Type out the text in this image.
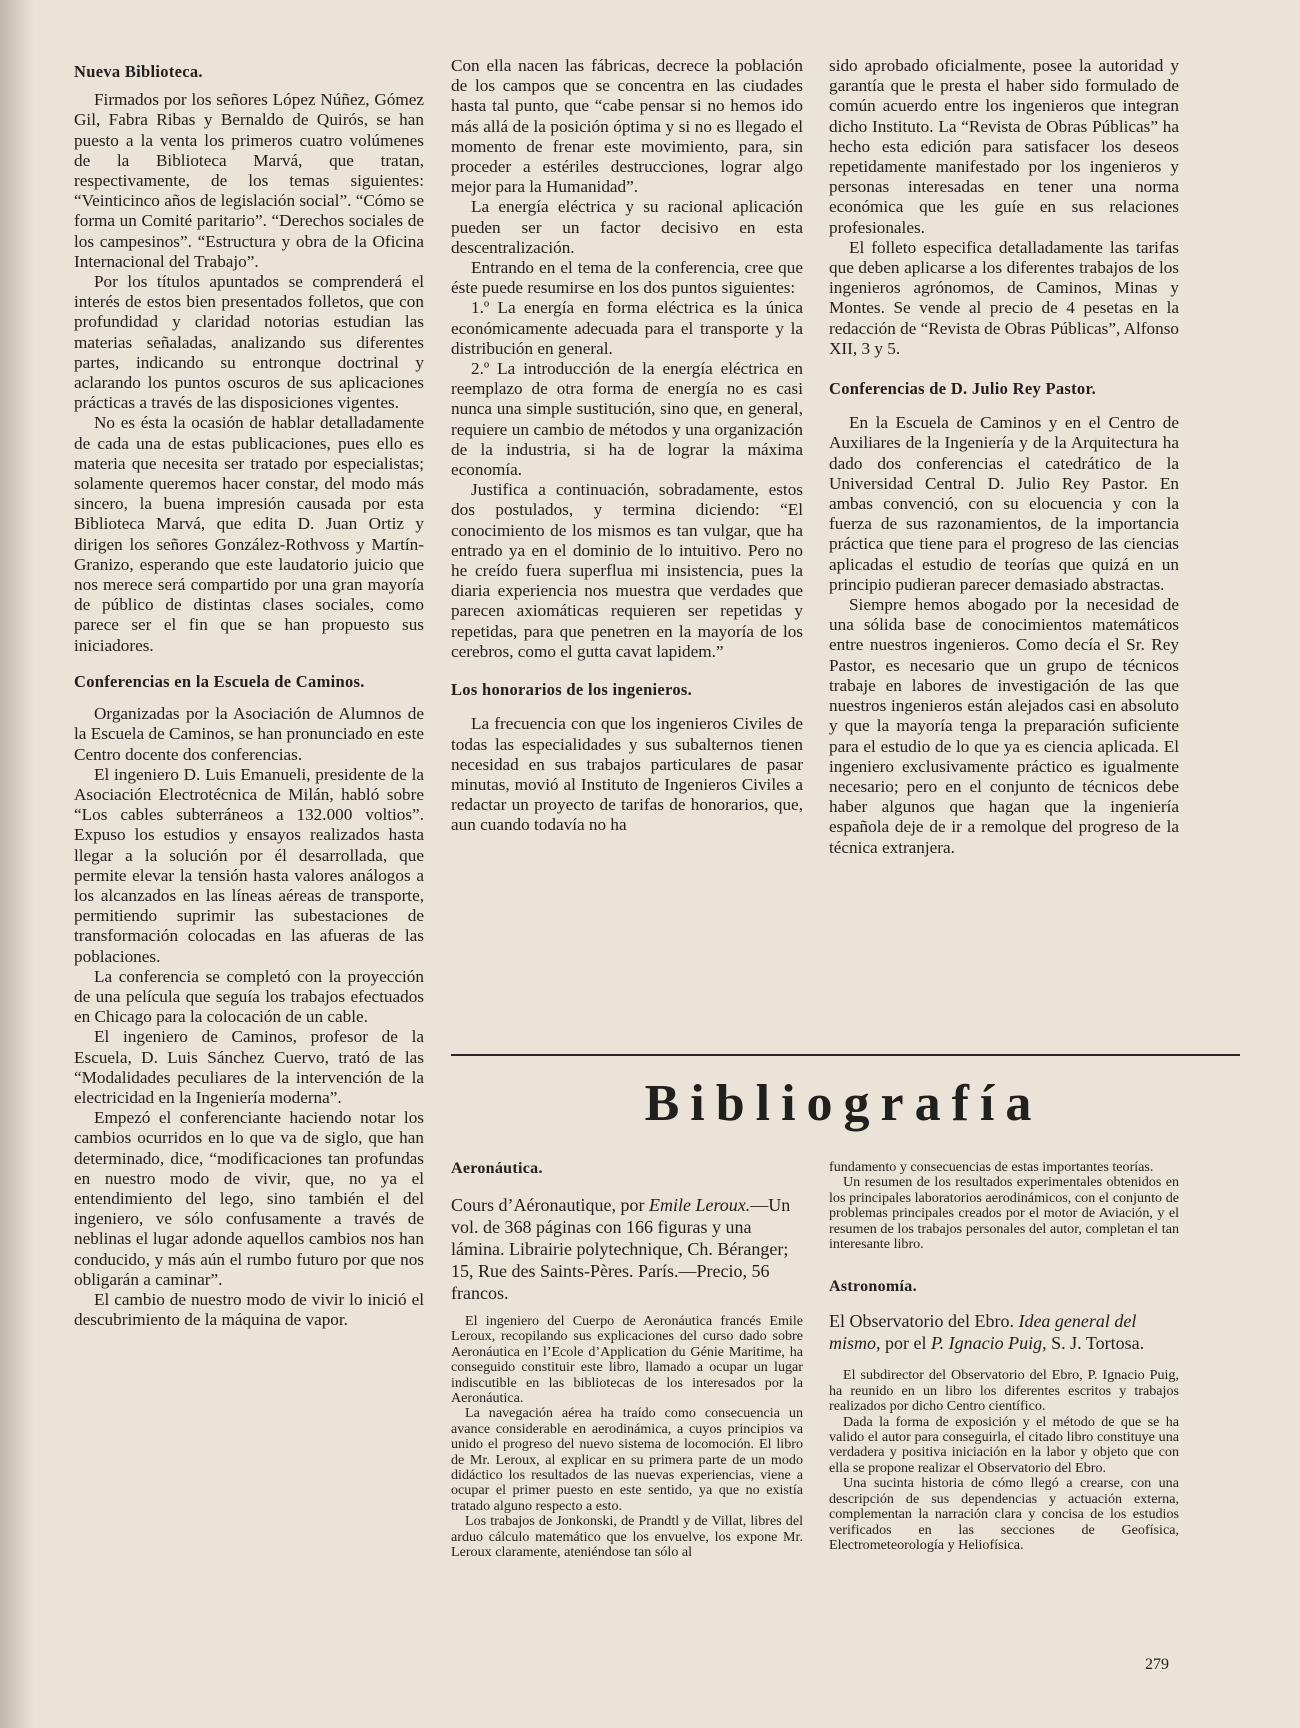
Nueva Biblioteca.

Firmados por los señores López Núñez, Gómez Gil, Fabra Ribas y Bernaldo de Quirós, se han puesto a la venta los primeros cuatro volúmenes de la Biblioteca Marvá, que tratan, respectivamente, de los temas siguientes: “Veinticinco años de legislación social”. “Cómo se forma un Comité paritario”. “Derechos sociales de los campesinos”. “Estructura y obra de la Oficina Internacional del Trabajo”.

Por los títulos apuntados se comprenderá el interés de estos bien presentados folletos, que con profundidad y claridad notorias estudian las materias señaladas, analizando sus diferentes partes, indicando su entronque doctrinal y aclarando los puntos oscuros de sus aplicaciones prácticas a través de las disposiciones vigentes.

No es ésta la ocasión de hablar detalladamente de cada una de estas publicaciones, pues ello es materia que necesita ser tratado por especialistas; solamente queremos hacer constar, del modo más sincero, la buena impresión causada por esta Biblioteca Marvá, que edita D. Juan Ortiz y dirigen los señores González-Rothvoss y Martín-Granizo, esperando que este laudatorio juicio que nos merece será compartido por una gran mayoría de público de distintas clases sociales, como parece ser el fin que se han propuesto sus iniciadores.

Conferencias en la Escuela de Caminos.

Organizadas por la Asociación de Alumnos de la Escuela de Caminos, se han pronunciado en este Centro docente dos conferencias.

El ingeniero D. Luis Emanueli, presidente de la Asociación Electrotécnica de Milán, habló sobre “Los cables subterráneos a 132.000 voltios”. Expuso los estudios y ensayos realizados hasta llegar a la solución por él desarrollada, que permite elevar la tensión hasta valores análogos a los alcanzados en las líneas aéreas de transporte, permitiendo suprimir las subestaciones de transformación colocadas en las afueras de las poblaciones.

La conferencia se completó con la proyección de una película que seguía los trabajos efectuados en Chicago para la colocación de un cable.

El ingeniero de Caminos, profesor de la Escuela, D. Luis Sánchez Cuervo, trató de las “Modalidades peculiares de la intervención de la electricidad en la Ingeniería moderna”.

Empezó el conferenciante haciendo notar los cambios ocurridos en lo que va de siglo, que han determinado, dice, “modificaciones tan profundas en nuestro modo de vivir, que, no ya el entendimiento del lego, sino también el del ingeniero, ve sólo confusamente a través de neblinas el lugar adonde aquellos cambios nos han conducido, y más aún el rumbo futuro por que nos obligarán a caminar”.

El cambio de nuestro modo de vivir lo inició el descubrimiento de la máquina de vapor.

Con ella nacen las fábricas, decrece la población de los campos que se concentra en las ciudades hasta tal punto, que “cabe pensar si no hemos ido más allá de la posición óptima y si no es llegado el momento de frenar este movimiento, para, sin proceder a estériles destrucciones, lograr algo mejor para la Humanidad”.

La energía eléctrica y su racional aplicación pueden ser un factor decisivo en esta descentralización.

Entrando en el tema de la conferencia, cree que éste puede resumirse en los dos puntos siguientes:

1.º La energía en forma eléctrica es la única económicamente adecuada para el transporte y la distribución en general.

2.º La introducción de la energía eléctrica en reemplazo de otra forma de energía no es casi nunca una simple sustitución, sino que, en general, requiere un cambio de métodos y una organización de la industria, si ha de lograr la máxima economía.

Justifica a continuación, sobradamente, estos dos postulados, y termina diciendo: “El conocimiento de los mismos es tan vulgar, que ha entrado ya en el dominio de lo intuitivo. Pero no he creído fuera superflua mi insistencia, pues la diaria experiencia nos muestra que verdades que parecen axiomáticas requieren ser repetidas y repetidas, para que penetren en la mayoría de los cerebros, como el gutta cavat lapidem.”

Los honorarios de los ingenieros.

La frecuencia con que los ingenieros Civiles de todas las especialidades y sus subalternos tienen necesidad en sus trabajos particulares de pasar minutas, movió al Instituto de Ingenieros Civiles a redactar un proyecto de tarifas de honorarios, que, aun cuando todavía no ha

sido aprobado oficialmente, posee la autoridad y garantía que le presta el haber sido formulado de común acuerdo entre los ingenieros que integran dicho Instituto. La “Revista de Obras Públicas” ha hecho esta edición para satisfacer los deseos repetidamente manifestado por los ingenieros y personas interesadas en tener una norma económica que les guíe en sus relaciones profesionales.

El folleto especifica detalladamente las tarifas que deben aplicarse a los diferentes trabajos de los ingenieros agrónomos, de Caminos, Minas y Montes. Se vende al precio de 4 pesetas en la redacción de “Revista de Obras Públicas”, Alfonso XII, 3 y 5.

Conferencias de D. Julio Rey Pastor.

En la Escuela de Caminos y en el Centro de Auxiliares de la Ingeniería y de la Arquitectura ha dado dos conferencias el catedrático de la Universidad Central D. Julio Rey Pastor. En ambas convenció, con su elocuencia y con la fuerza de sus razonamientos, de la importancia práctica que tiene para el progreso de las ciencias aplicadas el estudio de teorías que quizá en un principio pudieran parecer demasiado abstractas.

Siempre hemos abogado por la necesidad de una sólida base de conocimientos matemáticos entre nuestros ingenieros. Como decía el Sr. Rey Pastor, es necesario que un grupo de técnicos trabaje en labores de investigación de las que nuestros ingenieros están alejados casi en absoluto y que la mayoría tenga la preparación suficiente para el estudio de lo que ya es ciencia aplicada. El ingeniero exclusivamente práctico es igualmente necesario; pero en el conjunto de técnicos debe haber algunos que hagan que la ingeniería española deje de ir a remolque del progreso de la técnica extranjera.

Bibliografía

Aeronáutica.

Cours d’Aéronautique, por Emile Leroux.—Un vol. de 368 páginas con 166 figuras y una lámina. Librairie polytechnique, Ch. Béranger; 15, Rue des Saints-Pères. París.—Precio, 56 francos.

El ingeniero del Cuerpo de Aeronáutica francés Emile Leroux, recopilando sus explicaciones del curso dado sobre Aeronáutica en l’Ecole d’Application du Génie Maritime, ha conseguido constituir este libro, llamado a ocupar un lugar indiscutible en las bibliotecas de los interesados por la Aeronáutica.

La navegación aérea ha traído como consecuencia un avance considerable en aerodinámica, a cuyos principios va unido el progreso del nuevo sistema de locomoción. El libro de Mr. Leroux, al explicar en su primera parte de un modo didáctico los resultados de las nuevas experiencias, viene a ocupar el primer puesto en este sentido, ya que no existía tratado alguno respecto a esto.

Los trabajos de Jonkonski, de Prandtl y de Villat, libres del arduo cálculo matemático que los envuelve, los expone Mr. Leroux claramente, ateniéndose tan sólo al

fundamento y consecuencias de estas importantes teorías.

Un resumen de los resultados experimentales obtenidos en los principales laboratorios aerodinámicos, con el conjunto de problemas principales creados por el motor de Aviación, y el resumen de los trabajos personales del autor, completan el tan interesante libro.

Astronomía.

El Observatorio del Ebro. Idea general del mismo, por el P. Ignacio Puig, S. J. Tortosa.

El subdirector del Observatorio del Ebro, P. Ignacio Puig, ha reunido en un libro los diferentes escritos y trabajos realizados por dicho Centro científico.

Dada la forma de exposición y el método de que se ha valido el autor para conseguirla, el citado libro constituye una verdadera y positiva iniciación en la labor y objeto que con ella se propone realizar el Observatorio del Ebro.

Una sucinta historia de cómo llegó a crearse, con una descripción de sus dependencias y actuación externa, complementan la narración clara y concisa de los estudios verificados en las secciones de Geofísica, Electrometeorología y Heliofísica.

279
